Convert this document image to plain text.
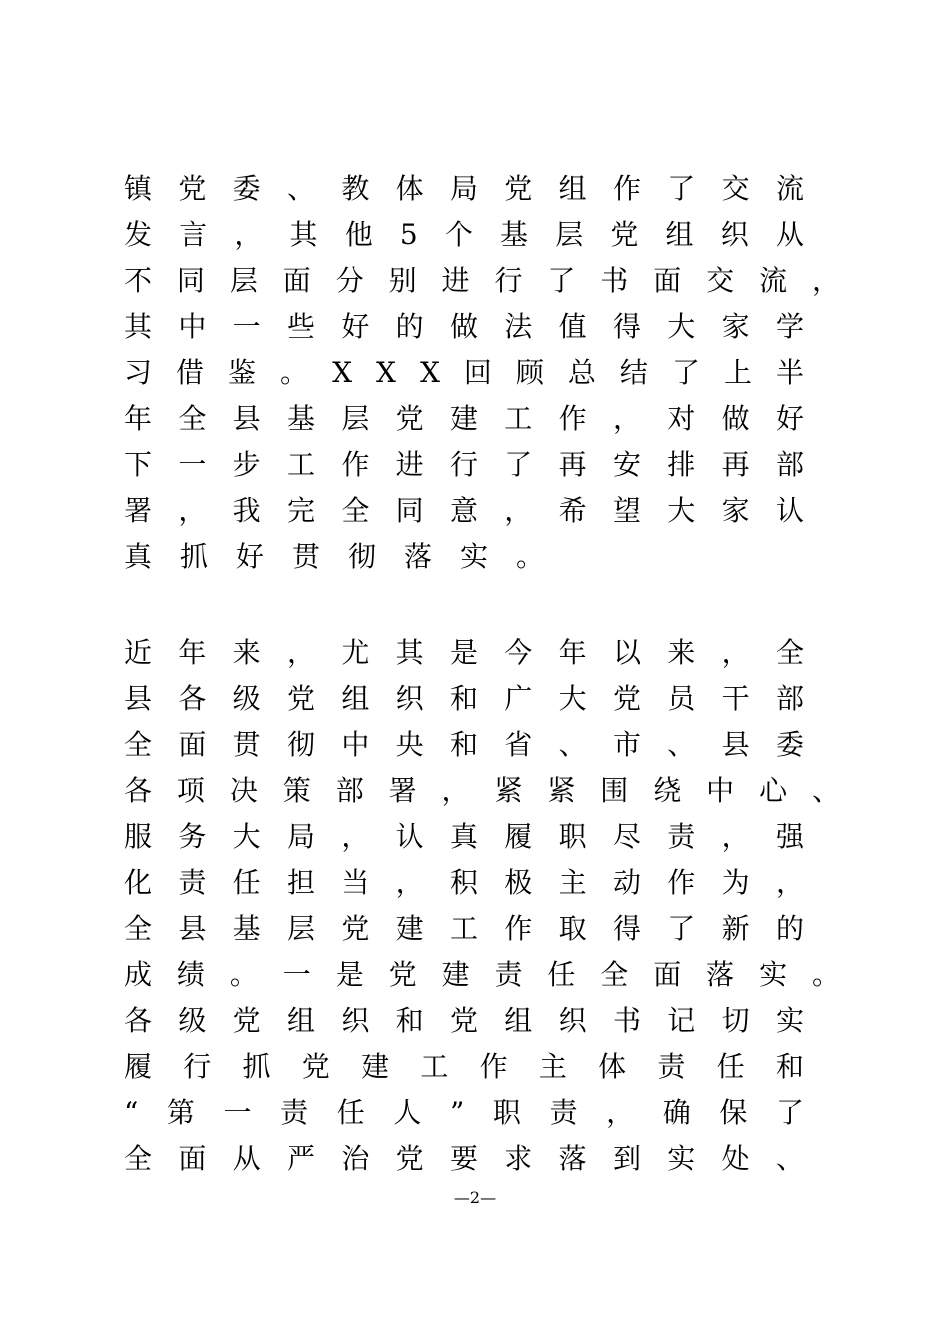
镇 党 委 、 教 体 局 党 组 作 了 交 流
发 言 ， 其 他 5 个 基 层 党 组 织 从
不 同 层 面 分 别 进 行 了 书 面 交 流 ，
其 中 一 些 好 的 做 法 值 得 大 家 学
习 借 鉴 。 X X X 回 顾 总 结 了 上 半
年 全 县 基 层 党 建 工 作 ， 对 做 好
下 一 步 工 作 进 行 了 再 安 排 再 部
署 ， 我 完 全 同 意 ， 希 望 大 家 认
真抓好贯彻落实。
近 年 来 ， 尤 其 是 今 年 以 来 ， 全
县 各 级 党 组 织 和 广 大 党 员 干 部
全 面 贯 彻 中 央 和 省 、 市 、 县 委
各 项 决 策 部 署 ， 紧 紧 围 绕 中 心 、
服 务 大 局 ， 认 真 履 职 尽 责 ， 强
化 责 任 担 当 ， 积 极 主 动 作 为 ，
全 县 基 层 党 建 工 作 取 得 了 新 的
成 绩 。 一 是 党 建 责 任 全 面 落 实 。
各 级 党 组 织 和 党 组 织 书 记 切 实
履 行 抓 党 建 工 作 主 体 责 任 和
“ 第 一 责 任 人 ” 职 责 ， 确 保 了
全 面 从 严 治 党 要 求 落 到 实 处 、
—2—
